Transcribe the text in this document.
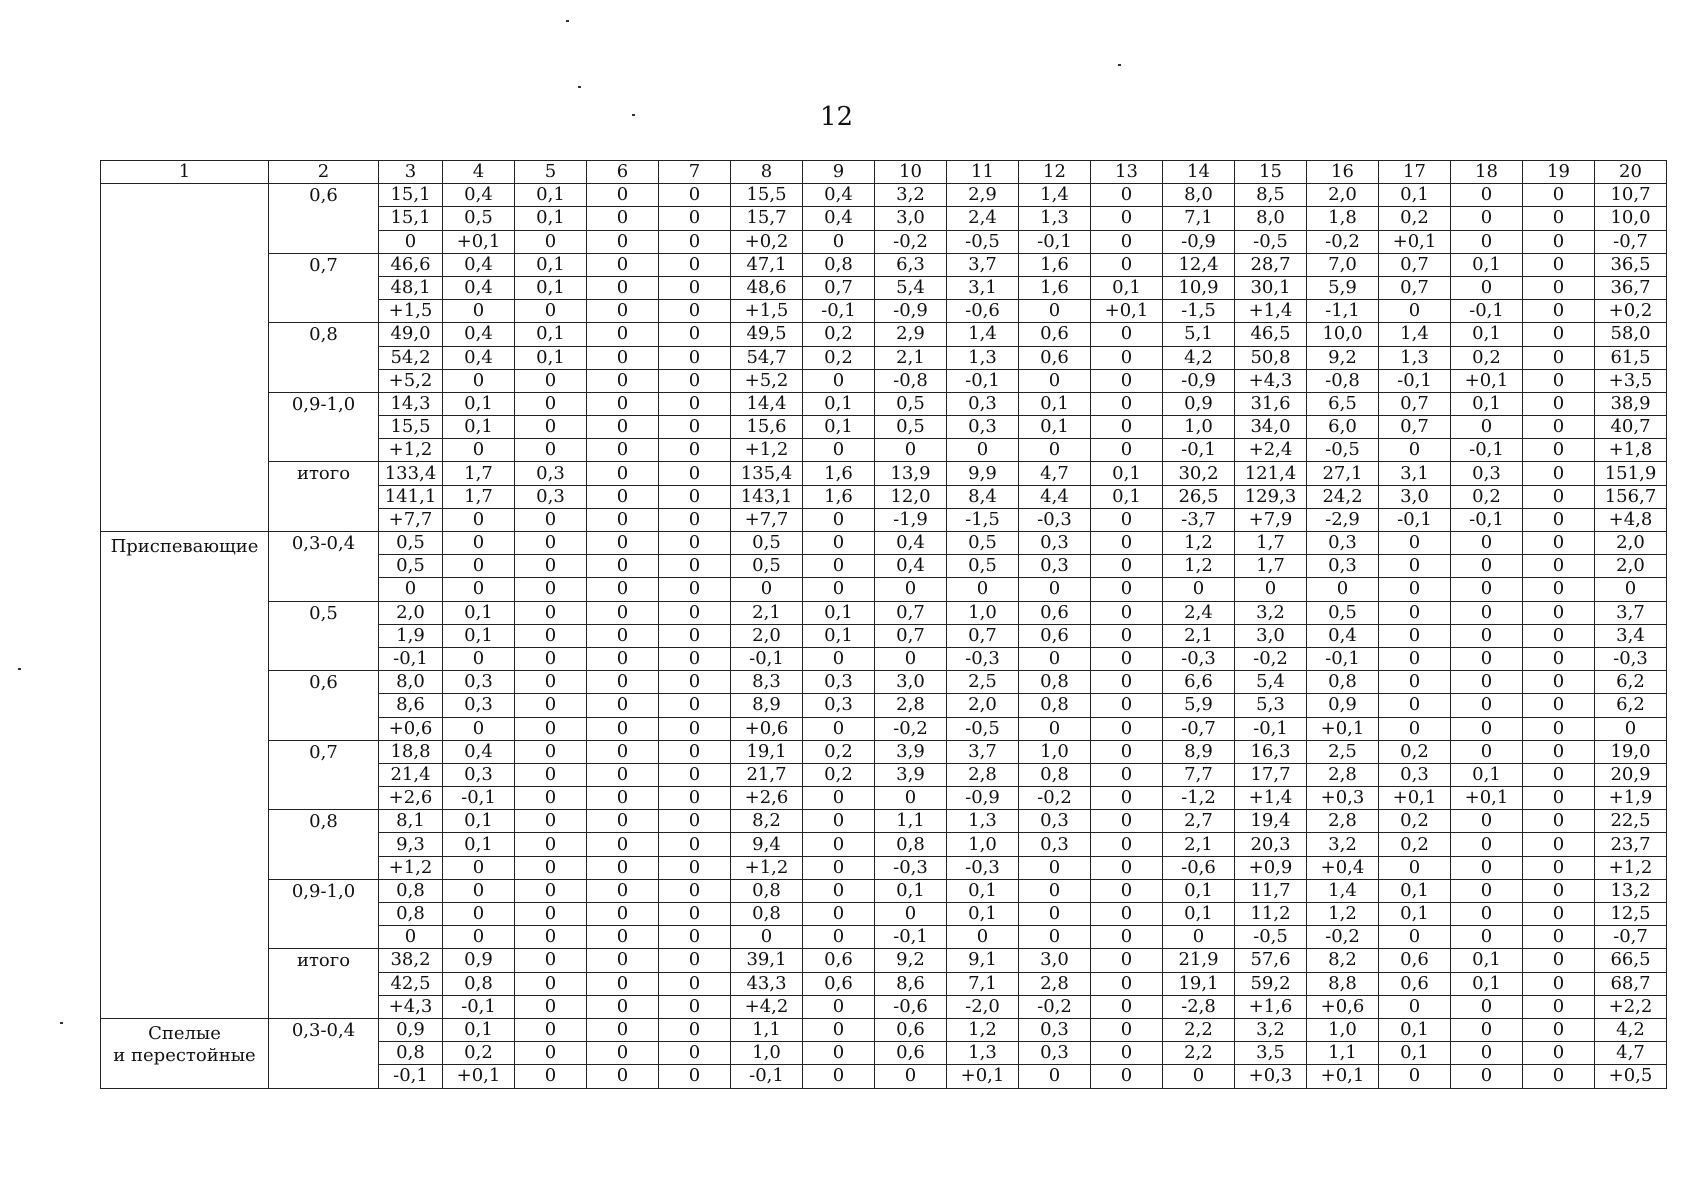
12
1	2	3	4	5	6	7	8	9	10	11	12	13	14	15	16	17	18	19	20
	0,6	15,1	0,4	0,1	0	0	15,5	0,4	3,2	2,9	1,4	0	8,0	8,5	2,0	0,1	0	0	10,7
		15,1	0,5	0,1	0	0	15,7	0,4	3,0	2,4	1,3	0	7,1	8,0	1,8	0,2	0	0	10,0
		0	+0,1	0	0	0	+0,2	0	-0,2	-0,5	-0,1	0	-0,9	-0,5	-0,2	+0,1	0	0	-0,7
	0,7	46,6	0,4	0,1	0	0	47,1	0,8	6,3	3,7	1,6	0	12,4	28,7	7,0	0,7	0,1	0	36,5
		48,1	0,4	0,1	0	0	48,6	0,7	5,4	3,1	1,6	0,1	10,9	30,1	5,9	0,7	0	0	36,7
		+1,5	0	0	0	0	+1,5	-0,1	-0,9	-0,6	0	+0,1	-1,5	+1,4	-1,1	0	-0,1	0	+0,2
	0,8	49,0	0,4	0,1	0	0	49,5	0,2	2,9	1,4	0,6	0	5,1	46,5	10,0	1,4	0,1	0	58,0
		54,2	0,4	0,1	0	0	54,7	0,2	2,1	1,3	0,6	0	4,2	50,8	9,2	1,3	0,2	0	61,5
		+5,2	0	0	0	0	+5,2	0	-0,8	-0,1	0	0	-0,9	+4,3	-0,8	-0,1	+0,1	0	+3,5
	0,9-1,0	14,3	0,1	0	0	0	14,4	0,1	0,5	0,3	0,1	0	0,9	31,6	6,5	0,7	0,1	0	38,9
		15,5	0,1	0	0	0	15,6	0,1	0,5	0,3	0,1	0	1,0	34,0	6,0	0,7	0	0	40,7
		+1,2	0	0	0	0	+1,2	0	0	0	0	0	-0,1	+2,4	-0,5	0	-0,1	0	+1,8
	итого	133,4	1,7	0,3	0	0	135,4	1,6	13,9	9,9	4,7	0,1	30,2	121,4	27,1	3,1	0,3	0	151,9
		141,1	1,7	0,3	0	0	143,1	1,6	12,0	8,4	4,4	0,1	26,5	129,3	24,2	3,0	0,2	0	156,7
		+7,7	0	0	0	0	+7,7	0	-1,9	-1,5	-0,3	0	-3,7	+7,9	-2,9	-0,1	-0,1	0	+4,8
Приспевающие	0,3-0,4	0,5	0	0	0	0	0,5	0	0,4	0,5	0,3	0	1,2	1,7	0,3	0	0	0	2,0
		0,5	0	0	0	0	0,5	0	0,4	0,5	0,3	0	1,2	1,7	0,3	0	0	0	2,0
		0	0	0	0	0	0	0	0	0	0	0	0	0	0	0	0	0	0
	0,5	2,0	0,1	0	0	0	2,1	0,1	0,7	1,0	0,6	0	2,4	3,2	0,5	0	0	0	3,7
		1,9	0,1	0	0	0	2,0	0,1	0,7	0,7	0,6	0	2,1	3,0	0,4	0	0	0	3,4
		-0,1	0	0	0	0	-0,1	0	0	-0,3	0	0	-0,3	-0,2	-0,1	0	0	0	-0,3
	0,6	8,0	0,3	0	0	0	8,3	0,3	3,0	2,5	0,8	0	6,6	5,4	0,8	0	0	0	6,2
		8,6	0,3	0	0	0	8,9	0,3	2,8	2,0	0,8	0	5,9	5,3	0,9	0	0	0	6,2
		+0,6	0	0	0	0	+0,6	0	-0,2	-0,5	0	0	-0,7	-0,1	+0,1	0	0	0	0
	0,7	18,8	0,4	0	0	0	19,1	0,2	3,9	3,7	1,0	0	8,9	16,3	2,5	0,2	0	0	19,0
		21,4	0,3	0	0	0	21,7	0,2	3,9	2,8	0,8	0	7,7	17,7	2,8	0,3	0,1	0	20,9
		+2,6	-0,1	0	0	0	+2,6	0	0	-0,9	-0,2	0	-1,2	+1,4	+0,3	+0,1	+0,1	0	+1,9
	0,8	8,1	0,1	0	0	0	8,2	0	1,1	1,3	0,3	0	2,7	19,4	2,8	0,2	0	0	22,5
		9,3	0,1	0	0	0	9,4	0	0,8	1,0	0,3	0	2,1	20,3	3,2	0,2	0	0	23,7
		+1,2	0	0	0	0	+1,2	0	-0,3	-0,3	0	0	-0,6	+0,9	+0,4	0	0	0	+1,2
	0,9-1,0	0,8	0	0	0	0	0,8	0	0,1	0,1	0	0	0,1	11,7	1,4	0,1	0	0	13,2
		0,8	0	0	0	0	0,8	0	0	0,1	0	0	0,1	11,2	1,2	0,1	0	0	12,5
		0	0	0	0	0	0	0	-0,1	0	0	0	0	-0,5	-0,2	0	0	0	-0,7
	итого	38,2	0,9	0	0	0	39,1	0,6	9,2	9,1	3,0	0	21,9	57,6	8,2	0,6	0,1	0	66,5
		42,5	0,8	0	0	0	43,3	0,6	8,6	7,1	2,8	0	19,1	59,2	8,8	0,6	0,1	0	68,7
		+4,3	-0,1	0	0	0	+4,2	0	-0,6	-2,0	-0,2	0	-2,8	+1,6	+0,6	0	0	0	+2,2
Спелые
и перестойные	0,3-0,4	0,9	0,1	0	0	0	1,1	0	0,6	1,2	0,3	0	2,2	3,2	1,0	0,1	0	0	4,2
		0,8	0,2	0	0	0	1,0	0	0,6	1,3	0,3	0	2,2	3,5	1,1	0,1	0	0	4,7
		-0,1	+0,1	0	0	0	-0,1	0	0	+0,1	0	0	0	+0,3	+0,1	0	0	0	+0,5
